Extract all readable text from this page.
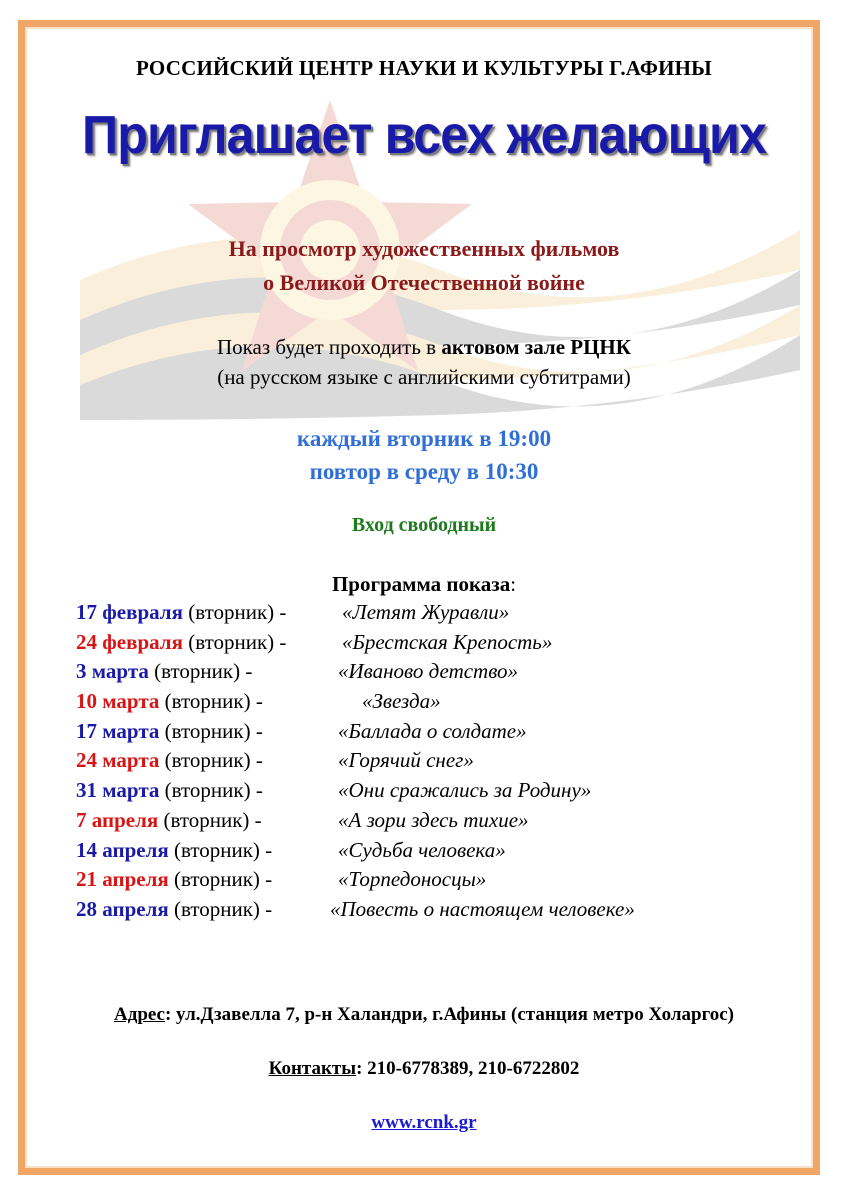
РОССИЙСКИЙ ЦЕНТР НАУКИ И КУЛЬТУРЫ Г.АФИНЫ
Приглашает всех желающих
На просмотр художественных фильмов
о Великой Отечественной войне
Показ будет проходить в актовом зале РЦНК
(на русском языке с английскими субтитрами)
каждый вторник в 19:00
повтор в среду в 10:30
Вход свободный
Программа показа:
17 февраля (вторник) -	«Летят Журавли»
24 февраля (вторник) -	«Брестская Крепость»
3 марта (вторник) -	«Иваново детство»
10 марта (вторник) -	«Звезда»
17 марта (вторник) -	«Баллада о солдате»
24 марта (вторник) -	«Горячий снег»
31 марта (вторник) -	«Они сражались за Родину»
7 апреля (вторник) -	«А зори здесь тихие»
14 апреля (вторник) -	«Судьба человека»
21 апреля (вторник) -	«Торпедоносцы»
28 апреля (вторник) -	«Повесть о настоящем человеке»
Адрес: ул.Дзавелла 7, р-н Халандри, г.Афины (станция метро Холаргос)
Контакты: 210-6778389, 210-6722802
www.rcnk.gr
